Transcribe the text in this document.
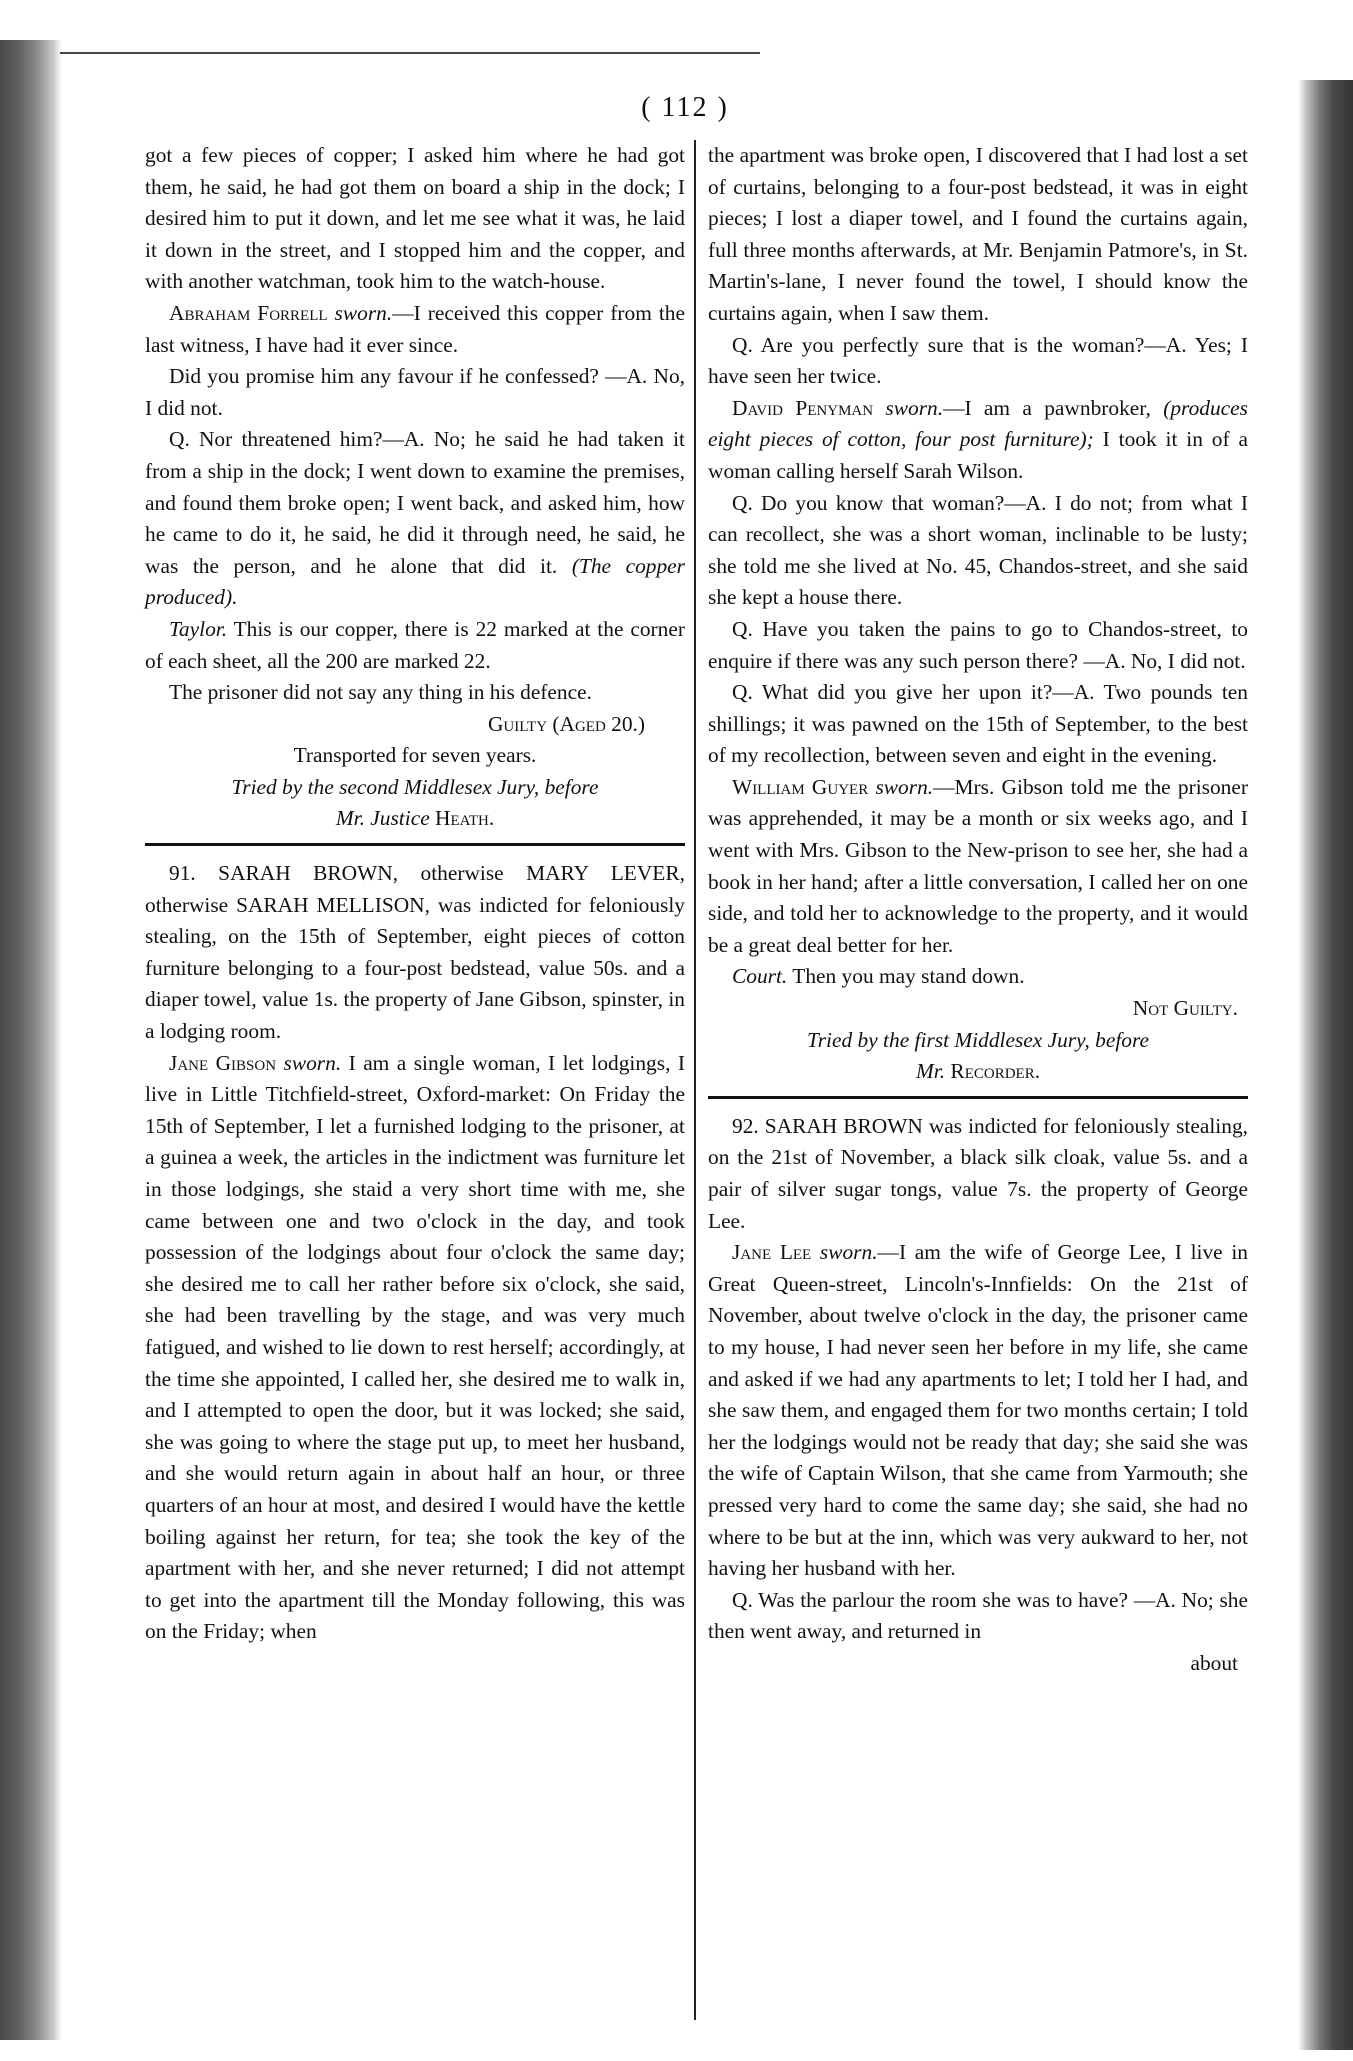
( 112 )

got a few pieces of copper; I asked him where he had got them, he said, he had got them on board a ship in the dock; I desired him to put it down, and let me see what it was, he laid it down in the street, and I stopped him and the copper, and with another watchman, took him to the watch-house.

Abraham Forrell sworn.—I received this copper from the last witness, I have had it ever since.

Did you promise him any favour if he confessed? —A. No, I did not.

Q. Nor threatened him?—A. No; he said he had taken it from a ship in the dock; I went down to examine the premises, and found them broke open; I went back, and asked him, how he came to do it, he said, he did it through need, he said, he was the person, and he alone that did it. (The copper produced).

Taylor. This is our copper, there is 22 marked at the corner of each sheet, all the 200 are marked 22.

The prisoner did not say any thing in his defence.

Guilty (Aged 20.)

Transported for seven years.

Tried by the second Middlesex Jury, before

Mr. Justice Heath.

91. SARAH BROWN, otherwise MARY LEVER, otherwise SARAH MELLISON, was indicted for feloniously stealing, on the 15th of September, eight pieces of cotton furniture belonging to a four-post bedstead, value 50s. and a diaper towel, value 1s. the property of Jane Gibson, spinster, in a lodging room.

Jane Gibson sworn. I am a single woman, I let lodgings, I live in Little Titchfield-street, Oxford-market: On Friday the 15th of September, I let a furnished lodging to the prisoner, at a guinea a week, the articles in the indictment was furniture let in those lodgings, she staid a very short time with me, she came between one and two o'clock in the day, and took possession of the lodgings about four o'clock the same day; she desired me to call her rather before six o'clock, she said, she had been travelling by the stage, and was very much fatigued, and wished to lie down to rest herself; accordingly, at the time she appointed, I called her, she desired me to walk in, and I attempted to open the door, but it was locked; she said, she was going to where the stage put up, to meet her husband, and she would return again in about half an hour, or three quarters of an hour at most, and desired I would have the kettle boiling against her return, for tea; she took the key of the apartment with her, and she never returned; I did not attempt to get into the apartment till the Monday following, this was on the Friday; when

the apartment was broke open, I discovered that I had lost a set of curtains, belonging to a four-post bedstead, it was in eight pieces; I lost a diaper towel, and I found the curtains again, full three months afterwards, at Mr. Benjamin Patmore's, in St. Martin's-lane, I never found the towel, I should know the curtains again, when I saw them.

Q. Are you perfectly sure that is the woman?—A. Yes; I have seen her twice.

David Penyman sworn.—I am a pawnbroker, (produces eight pieces of cotton, four post furniture); I took it in of a woman calling herself Sarah Wilson.

Q. Do you know that woman?—A. I do not; from what I can recollect, she was a short woman, inclinable to be lusty; she told me she lived at No. 45, Chandos-street, and she said she kept a house there.

Q. Have you taken the pains to go to Chandos-street, to enquire if there was any such person there? —A. No, I did not.

Q. What did you give her upon it?—A. Two pounds ten shillings; it was pawned on the 15th of September, to the best of my recollection, between seven and eight in the evening.

William Guyer sworn.—Mrs. Gibson told me the prisoner was apprehended, it may be a month or six weeks ago, and I went with Mrs. Gibson to the New-prison to see her, she had a book in her hand; after a little conversation, I called her on one side, and told her to acknowledge to the property, and it would be a great deal better for her.

Court. Then you may stand down.

Not Guilty.

Tried by the first Middlesex Jury, before

Mr. Recorder.

92. SARAH BROWN was indicted for feloniously stealing, on the 21st of November, a black silk cloak, value 5s. and a pair of silver sugar tongs, value 7s. the property of George Lee.

Jane Lee sworn.—I am the wife of George Lee, I live in Great Queen-street, Lincoln's-Innfields: On the 21st of November, about twelve o'clock in the day, the prisoner came to my house, I had never seen her before in my life, she came and asked if we had any apartments to let; I told her I had, and she saw them, and engaged them for two months certain; I told her the lodgings would not be ready that day; she said she was the wife of Captain Wilson, that she came from Yarmouth; she pressed very hard to come the same day; she said, she had no where to be but at the inn, which was very aukward to her, not having her husband with her.

Q. Was the parlour the room she was to have? —A. No; she then went away, and returned in

about
